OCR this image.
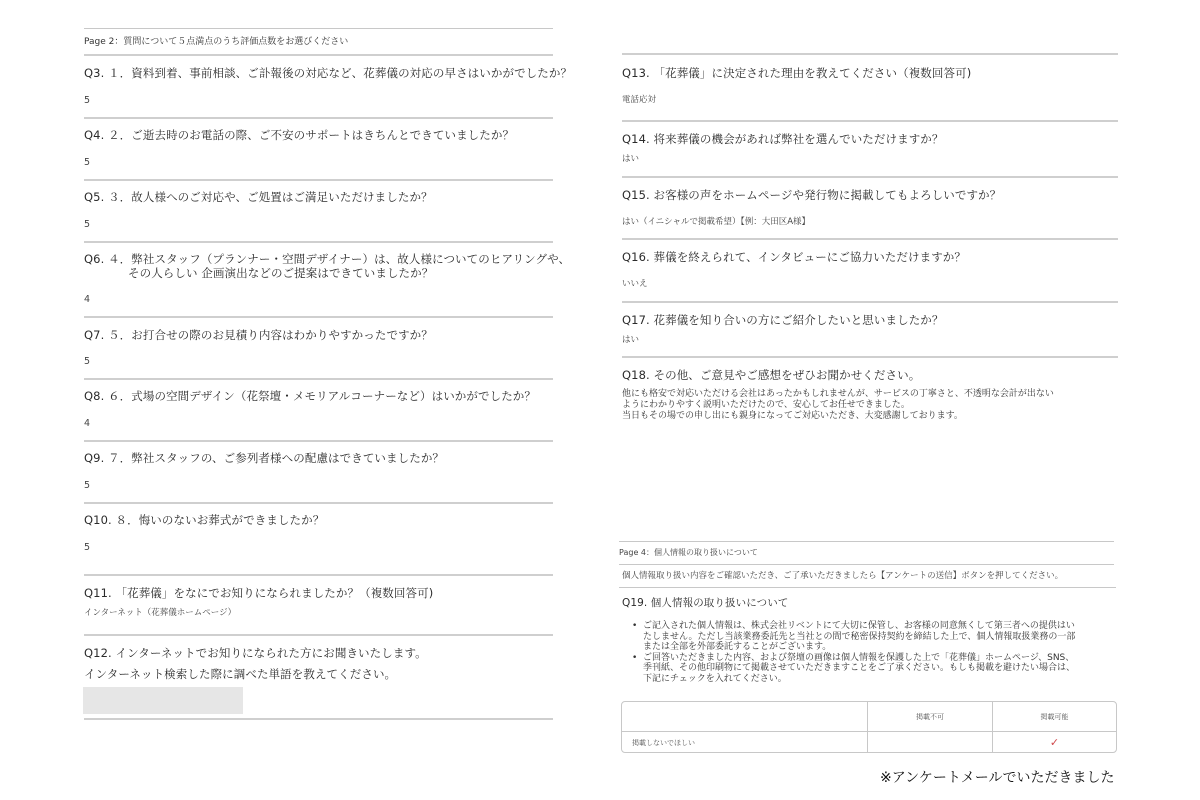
Page 2：質問について５点満点のうち評価点数をお選びください
Q3. １．資料到着、事前相談、ご訃報後の対応など、花葬儀の対応の早さはいかがでしたか？
5
Q4. ２．ご逝去時のお電話の際、ご不安のサポートはきちんとできていましたか？
5
Q5. ３．故人様へのご対応や、ご処置はご満足いただけましたか？
5
Q6. ４．弊社スタッフ（プランナー・空間デザイナー）は、故人様についてのヒアリングや、
その人らしい 企画演出などのご提案はできていましたか？
4
Q7. ５．お打合せの際のお見積り内容はわかりやすかったですか？
5
Q8. ６．式場の空間デザイン（花祭壇・メモリアルコーナーなど）はいかがでしたか？
4
Q9. ７．弊社スタッフの、ご参列者様への配慮はできていましたか？
5
Q10. ８．悔いのないお葬式ができましたか？
5
Q11. 「花葬儀」をなにでお知りになられましたか？（複数回答可)
インターネット（花葬儀ホームページ）
Q12. インターネットでお知りになられた方にお聞きいたします。
インターネット検索した際に調べた単語を教えてください。
Q13. 「花葬儀」に決定された理由を教えてください（複数回答可)
電話応対
Q14. 将来葬儀の機会があれば弊社を選んでいただけますか？
はい
Q15. お客様の声をホームページや発行物に掲載してもよろしいですか？
はい（イニシャルで掲載希望）【例：大田区A様】
Q16. 葬儀を終えられて、インタビューにご協力いただけますか？
いいえ
Q17. 花葬儀を知り合いの方にご紹介したいと思いましたか？
はい
Q18. その他、ご意見やご感想をぜひお聞かせください。
他にも格安で対応いただける会社はあったかもしれませんが、サービスの丁寧さと、不透明な会計が出ない
ようにわかりやすく説明いただけたので、安心してお任せできました。
当日もその場での申し出にも親身になってご対応いただき、大変感謝しております。
Page 4：個人情報の取り扱いについて
個人情報取り扱い内容をご確認いただき、ご了承いただきましたら【アンケートの送信】ボタンを押してください。
Q19. 個人情報の取り扱いについて
• ご記入された個人情報は、株式会社リベントにて大切に保管し、お客様の同意無くして第三者への提供はいたしません。ただし当該業務委託先と当社との間で秘密保持契約を締結した上で、個人情報取扱業務の一部または全部を外部委託することがございます。
• ご回答いただきました内容、および祭壇の画像は個人情報を保護した上で「花葬儀」ホームページ、SNS、季刊紙、その他印刷物にて掲載させていただきますことをご了承ください。もしも掲載を避けたい場合は、下記にチェックを入れてください。
掲載不可	掲載可能
掲載しないでほしい	✓
※アンケートメールでいただきました
